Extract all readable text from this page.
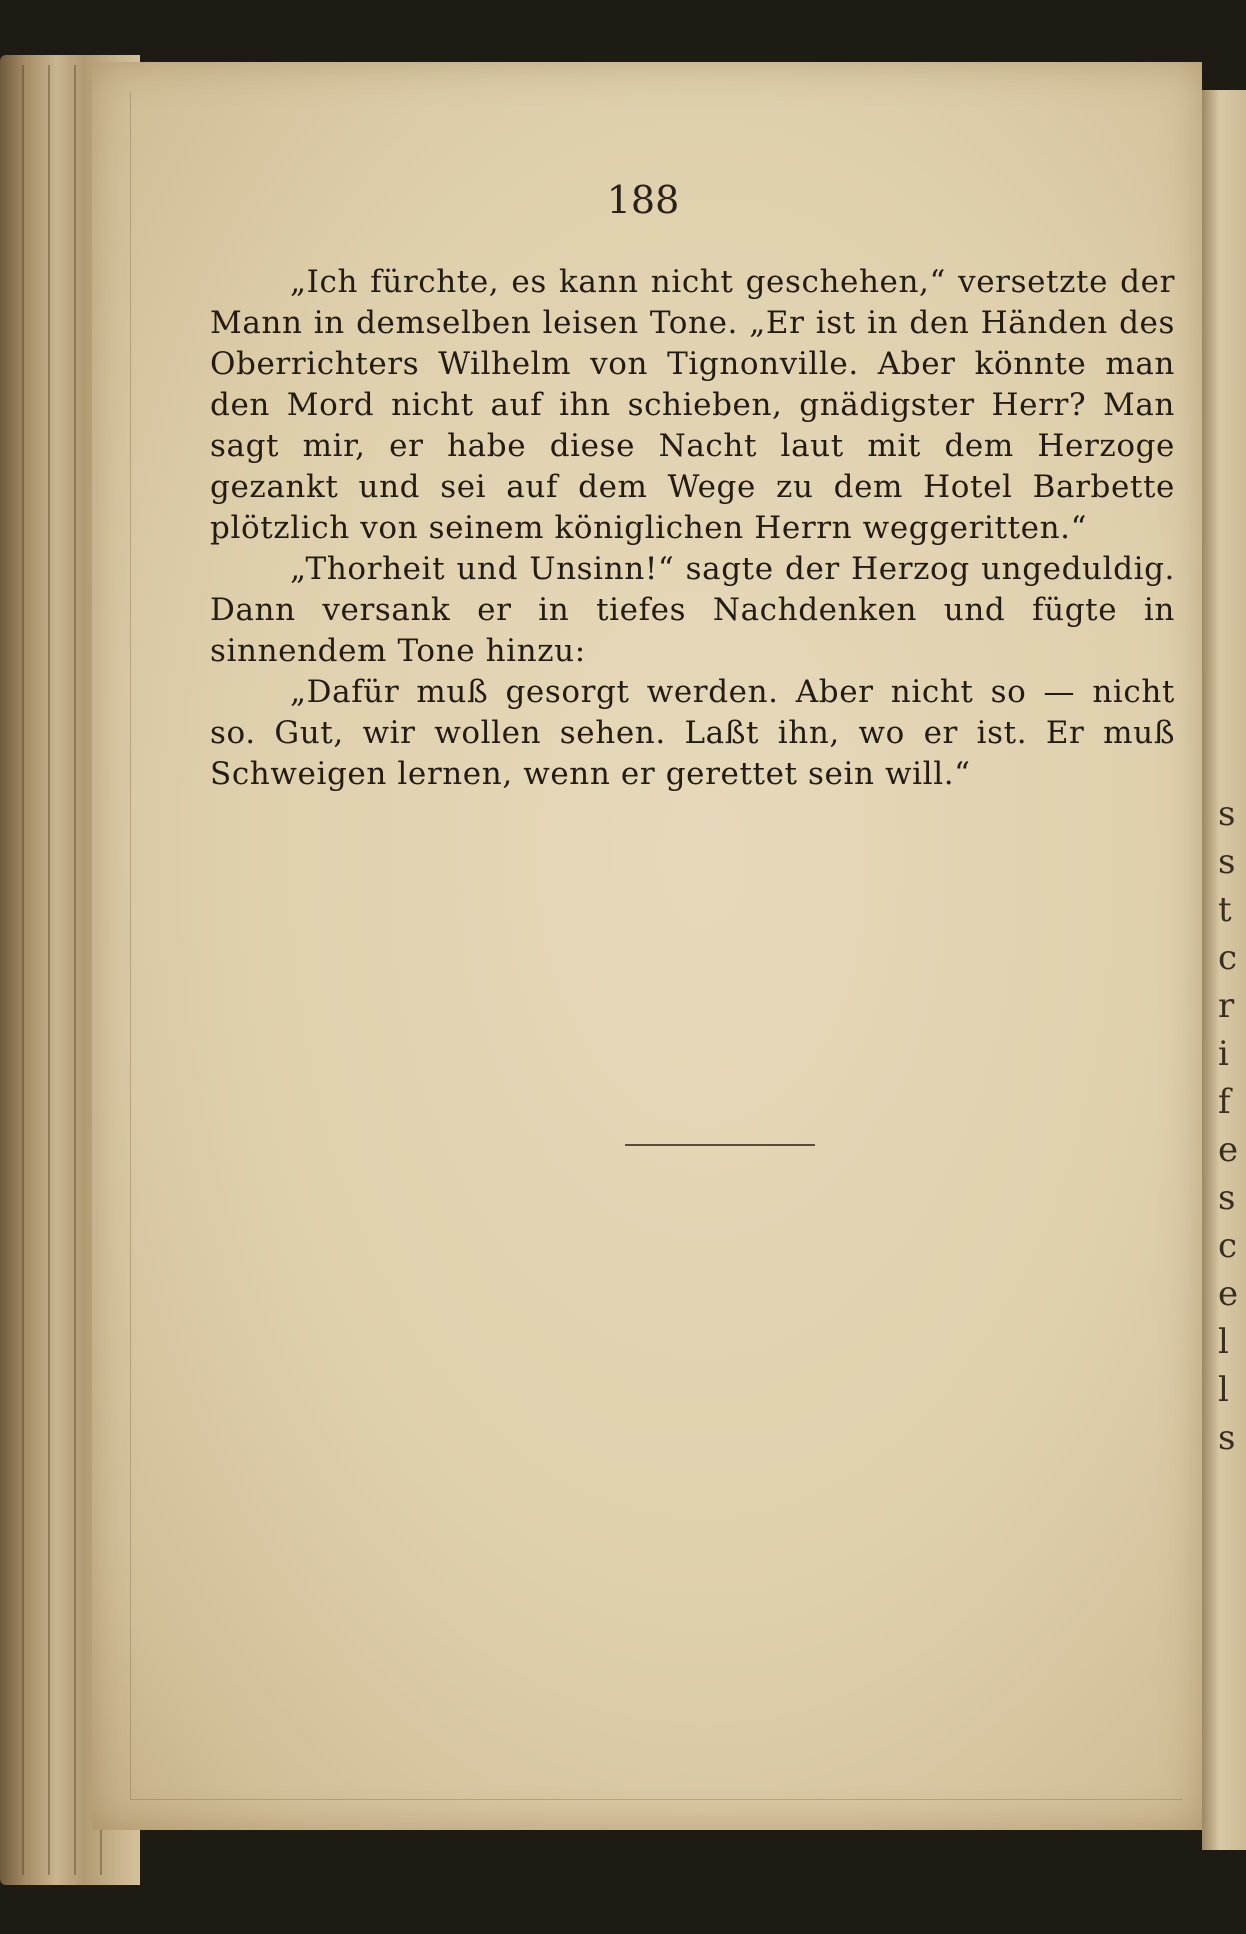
s
s
t
c
r
i
f
e
s
c
e
l
l
s
188

„Ich fürchte, es kann nicht geschehen,“ versetzte der Mann in demselben leisen Tone. „Er ist in den Händen des Oberrichters Wilhelm von Tignonville. Aber könnte man den Mord nicht auf ihn schieben, gnädigster Herr? Man sagt mir, er habe diese Nacht laut mit dem Herzoge gezankt und sei auf dem Wege zu dem Hotel Barbette plötzlich von seinem königlichen Herrn weggeritten.“

„Thorheit und Unsinn!“ sagte der Herzog ungeduldig. Dann versank er in tiefes Nachdenken und fügte in sinnendem Tone hinzu:

„Dafür muß gesorgt werden. Aber nicht so — nicht so. Gut, wir wollen sehen. Laßt ihn, wo er ist. Er muß Schweigen lernen, wenn er gerettet sein will.“
